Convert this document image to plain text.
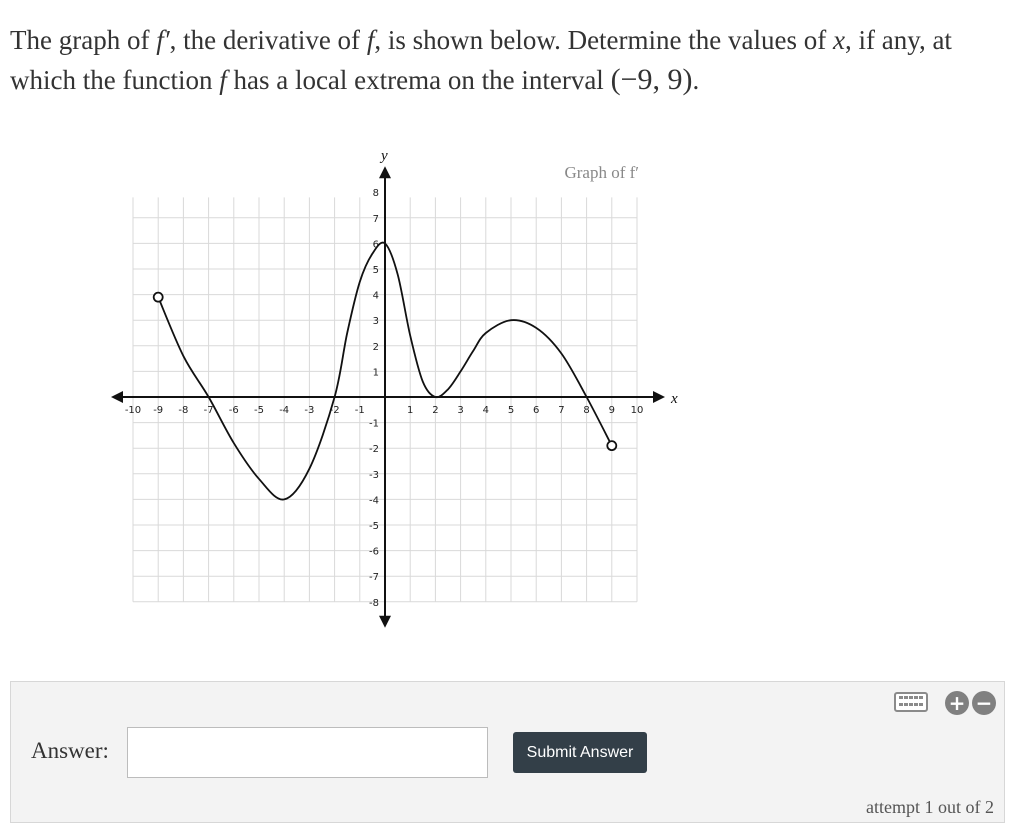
The graph of f′, the derivative of f, is shown below. Determine the values of x, if any, at which the function f has a local extrema on the interval (−9, 9).
x
y
-10 -9 -8 -7 -6 -5 -4 -3 -2 -1	1 2 3 4 5 6 7 8 9 10
-8
-7
-6
-5
-4
-3
-2
-1
1
2
3
4
5
6
7
8
Graph of f′
+ −
Answer:	Submit Answer
attempt 1 out of 2
